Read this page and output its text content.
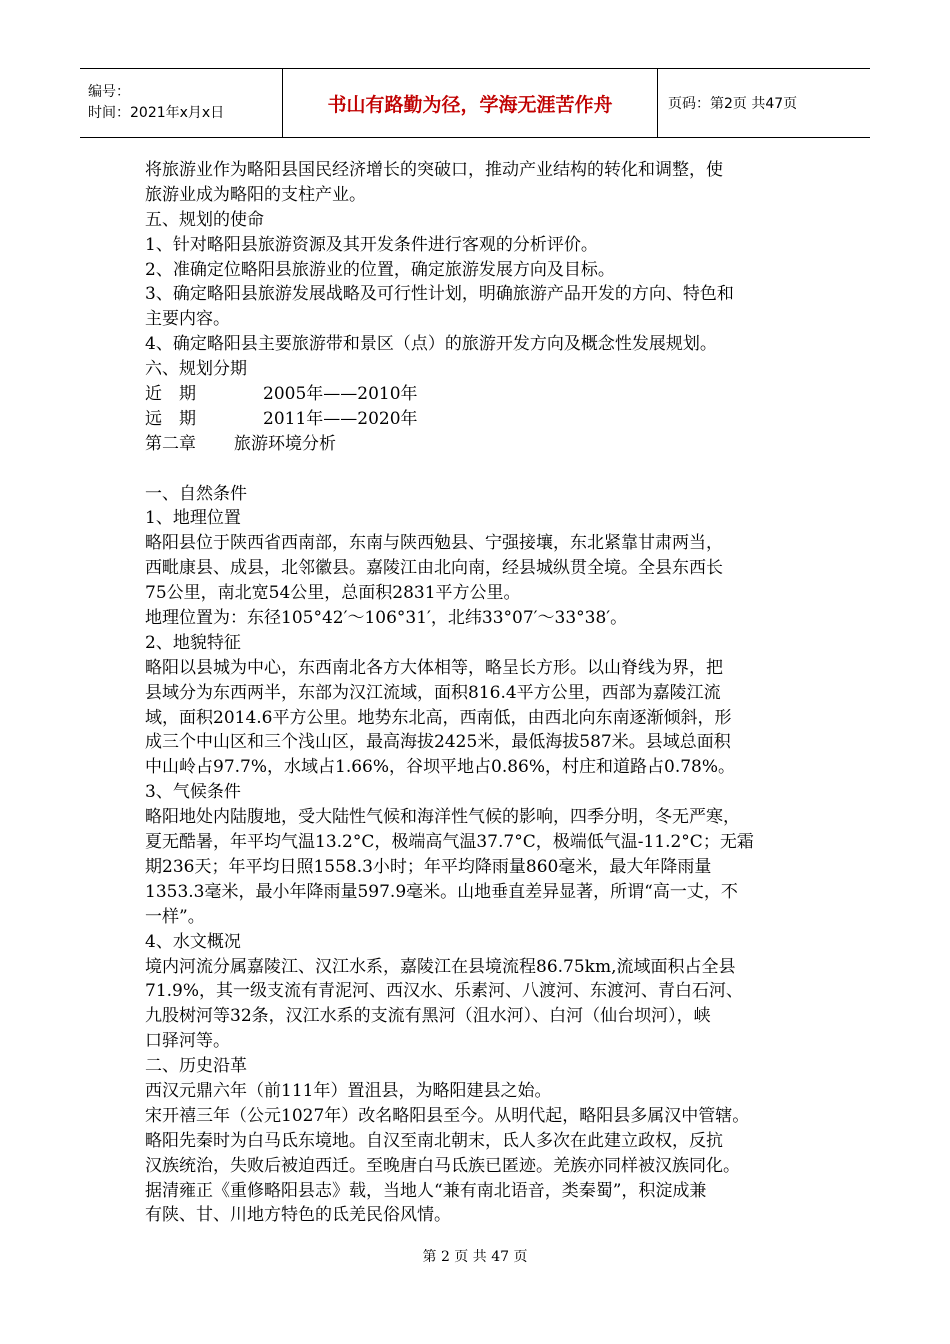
编号：
时间：2021年x月x日	书山有路勤为径，学海无涯苦作舟	页码：第2页 共47页
将旅游业作为略阳县国民经济增长的突破口，推动产业结构的转化和调整，使
旅游业成为略阳的支柱产业。
五、规划的使命
1、针对略阳县旅游资源及其开发条件进行客观的分析评价。
2、准确定位略阳县旅游业的位置，确定旅游发展方向及目标。
3、确定略阳县旅游发展战略及可行性计划，明确旅游产品开发的方向、特色和
主要内容。
4、确定略阳县主要旅游带和景区（点）的旅游开发方向及概念性发展规划。
六、规划分期
近　期	2005年——2010年
远　期	2011年——2020年
第二章 旅游环境分析
一、自然条件
1、地理位置
略阳县位于陕西省西南部，东南与陕西勉县、宁强接壤，东北紧靠甘肃两当，
西毗康县、成县，北邻徽县。嘉陵江由北向南，经县城纵贯全境。全县东西长
75公里，南北宽54公里，总面积2831平方公里。
地理位置为：东径105°42′～106°31′，北纬33°07′～33°38′。
2、地貌特征
略阳以县城为中心，东西南北各方大体相等，略呈长方形。以山脊线为界，把
县域分为东西两半，东部为汉江流域，面积816.4平方公里，西部为嘉陵江流
域，面积2014.6平方公里。地势东北高，西南低，由西北向东南逐渐倾斜，形
成三个中山区和三个浅山区，最高海拔2425米，最低海拔587米。县域总面积
中山岭占97.7%，水域占1.66%，谷坝平地占0.86%，村庄和道路占0.78%。
3、气候条件
略阳地处内陆腹地，受大陆性气候和海洋性气候的影响，四季分明，冬无严寒，
夏无酷暑，年平均气温13.2°C，极端高气温37.7°C，极端低气温-11.2°C；无霜
期236天；年平均日照1558.3小时；年平均降雨量860毫米，最大年降雨量
1353.3毫米，最小年降雨量597.9毫米。山地垂直差异显著，所谓“高一丈，不
一样”。
4、水文概况
境内河流分属嘉陵江、汉江水系，嘉陵江在县境流程86.75km,流域面积占全县
71.9%，其一级支流有青泥河、西汉水、乐素河、八渡河、东渡河、青白石河、
九股树河等32条，汉江水系的支流有黑河（沮水河）、白河（仙台坝河），峡
口驿河等。
二、历史沿革
西汉元鼎六年（前111年）置沮县，为略阳建县之始。
宋开禧三年（公元1027年）改名略阳县至今。从明代起，略阳县多属汉中管辖。
略阳先秦时为白马氐东境地。自汉至南北朝末，氐人多次在此建立政权，反抗
汉族统治，失败后被迫西迁。至晚唐白马氐族已匿迹。羌族亦同样被汉族同化。
据清雍正《重修略阳县志》载，当地人“兼有南北语音，类秦蜀”，积淀成兼
有陕、甘、川地方特色的氐羌民俗风情。
第 2 页 共 47 页
